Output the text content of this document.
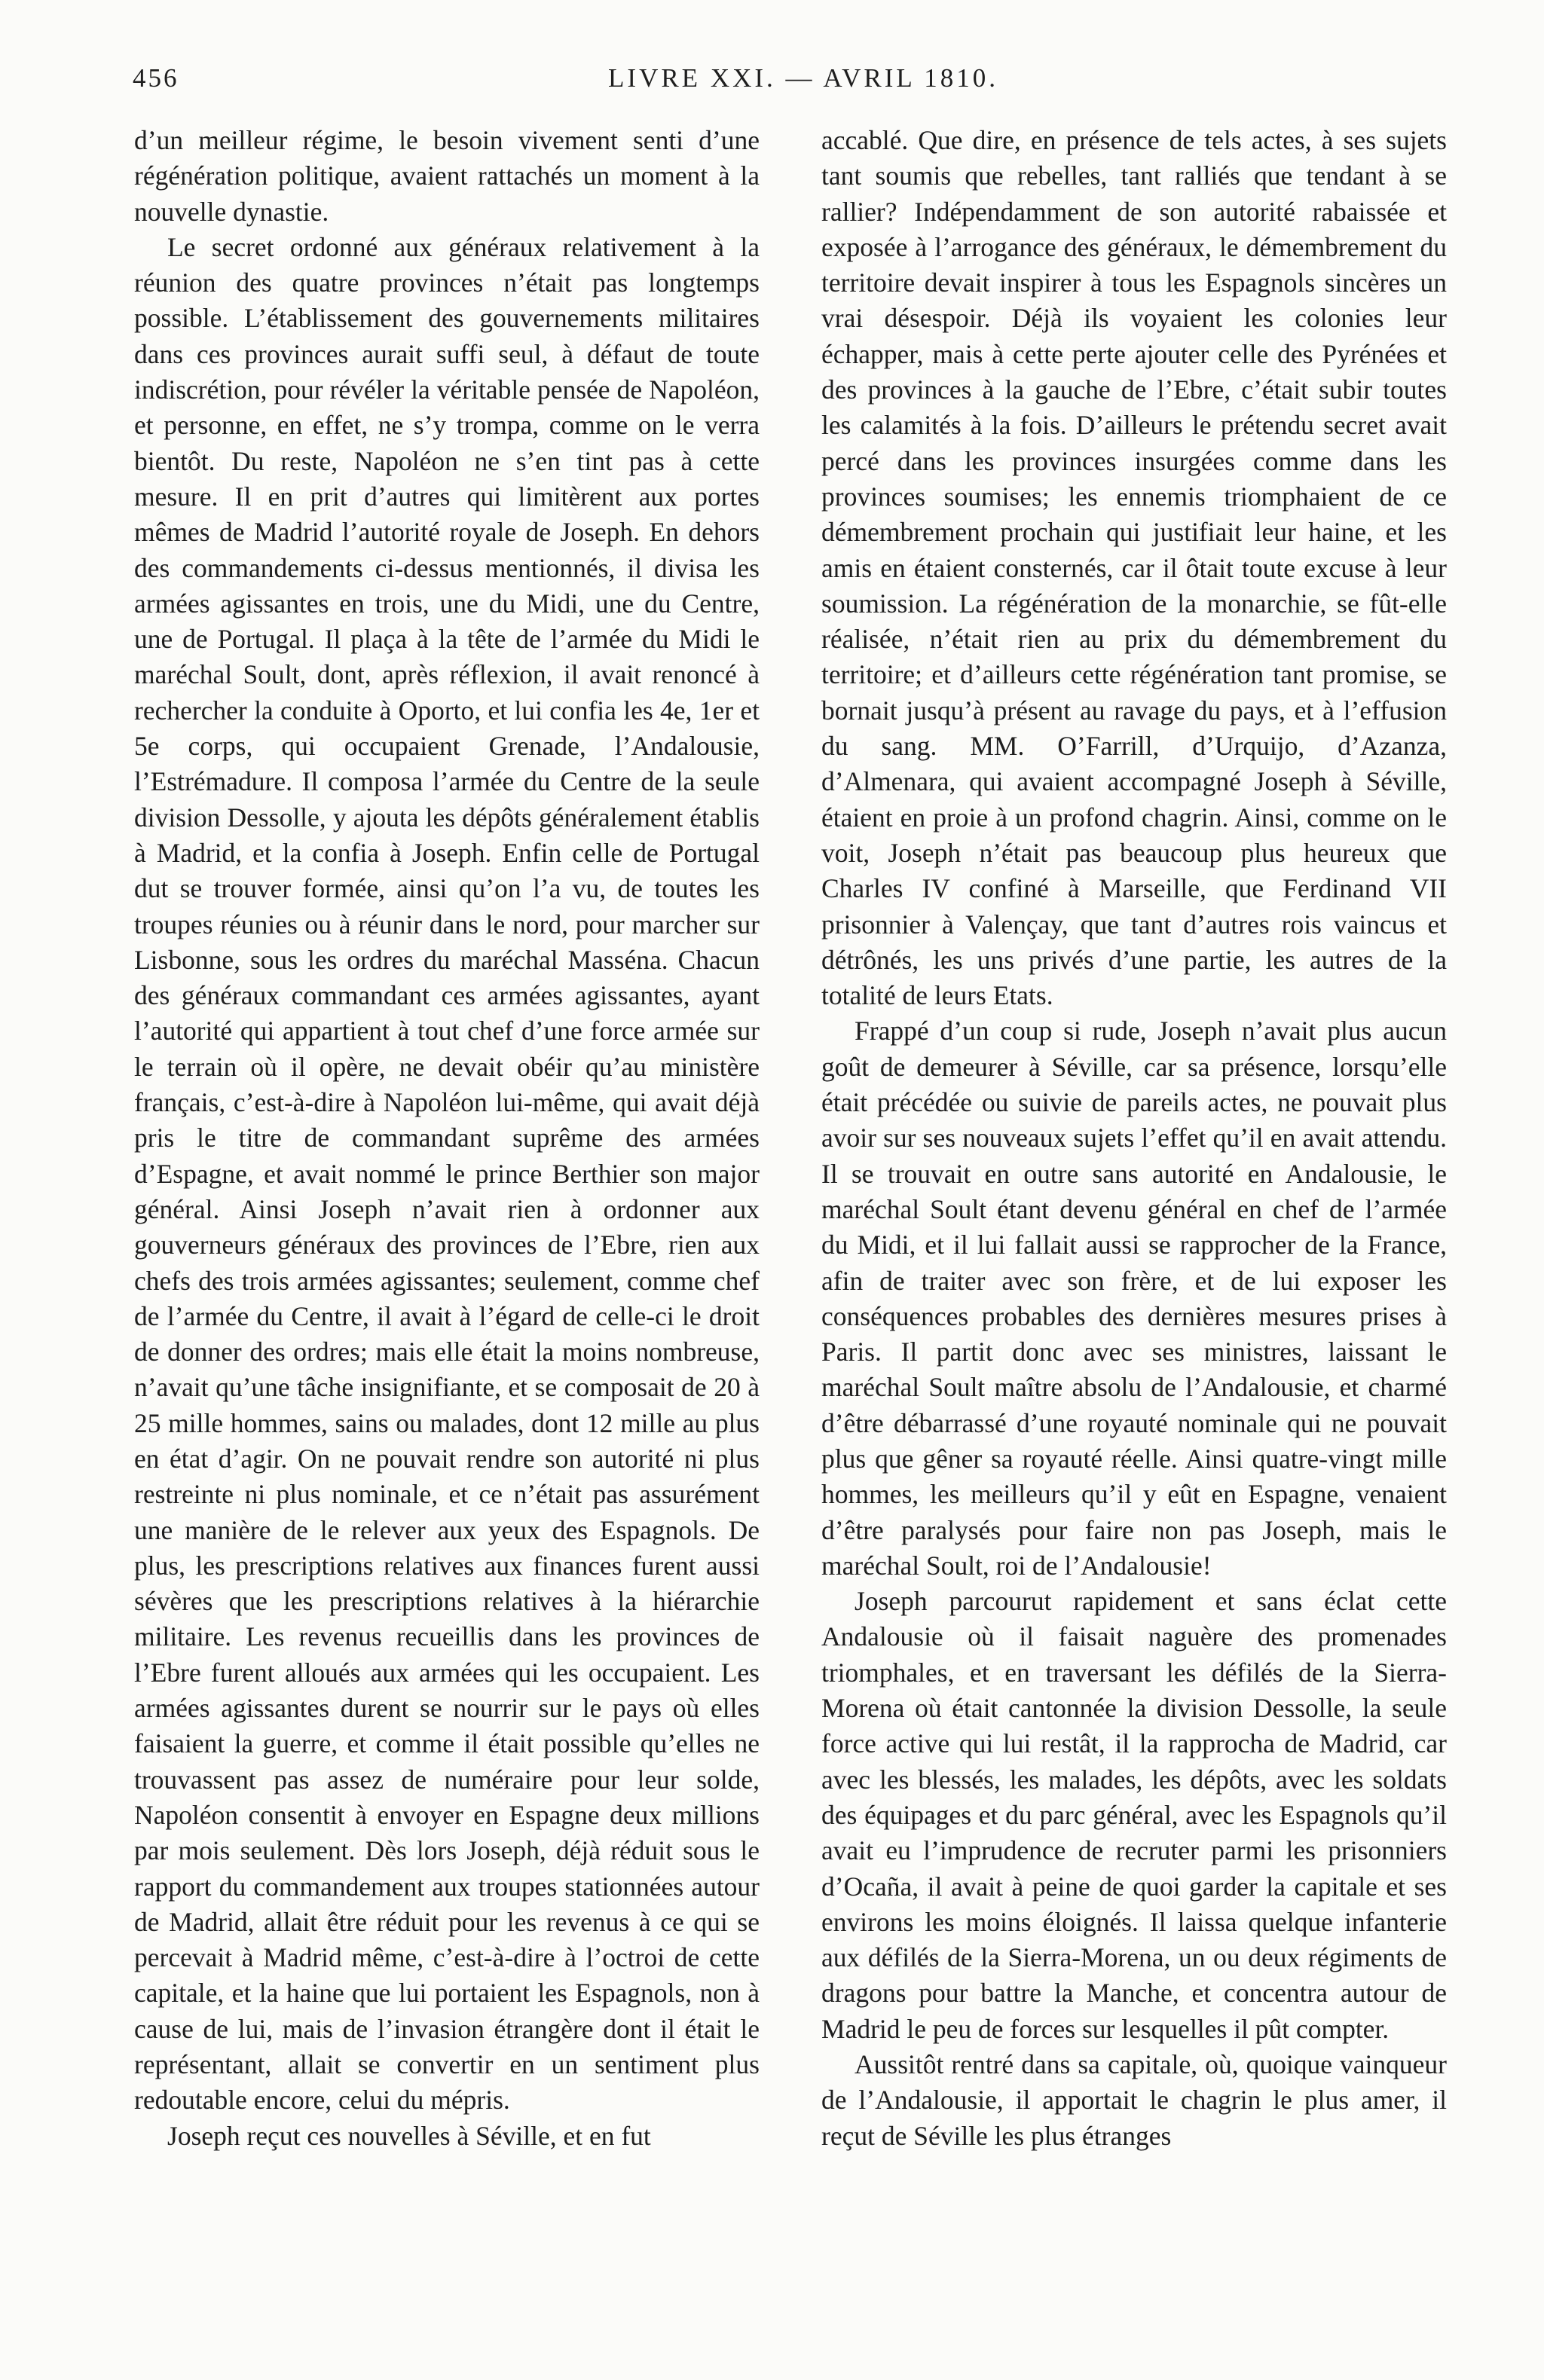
456	LIVRE XXI. — AVRIL 1810.

d’un meilleur régime, le besoin vivement senti d’une régénération politique, avaient rattachés un moment à la nouvelle dynastie.

Le secret ordonné aux généraux relativement à la réunion des quatre provinces n’était pas longtemps possible. L’établissement des gouvernements militaires dans ces provinces aurait suffi seul, à défaut de toute indiscrétion, pour révéler la véritable pensée de Napoléon, et personne, en effet, ne s’y trompa, comme on le verra bientôt. Du reste, Napoléon ne s’en tint pas à cette mesure. Il en prit d’autres qui limitèrent aux portes mêmes de Madrid l’autorité royale de Joseph. En dehors des commandements ci-dessus mentionnés, il divisa les armées agissantes en trois, une du Midi, une du Centre, une de Portugal. Il plaça à la tête de l’armée du Midi le maréchal Soult, dont, après réflexion, il avait renoncé à rechercher la conduite à Oporto, et lui confia les 4e, 1er et 5e corps, qui occupaient Grenade, l’Andalousie, l’Estrémadure. Il composa l’armée du Centre de la seule division Dessolle, y ajouta les dépôts généralement établis à Madrid, et la confia à Joseph. Enfin celle de Portugal dut se trouver formée, ainsi qu’on l’a vu, de toutes les troupes réunies ou à réunir dans le nord, pour marcher sur Lisbonne, sous les ordres du maréchal Masséna. Chacun des généraux commandant ces armées agissantes, ayant l’autorité qui appartient à tout chef d’une force armée sur le terrain où il opère, ne devait obéir qu’au ministère français, c’est-à-dire à Napoléon lui-même, qui avait déjà pris le titre de commandant suprême des armées d’Espagne, et avait nommé le prince Berthier son major général. Ainsi Joseph n’avait rien à ordonner aux gouverneurs généraux des provinces de l’Ebre, rien aux chefs des trois armées agissantes; seulement, comme chef de l’armée du Centre, il avait à l’égard de celle-ci le droit de donner des ordres; mais elle était la moins nombreuse, n’avait qu’une tâche insignifiante, et se composait de 20 à 25 mille hommes, sains ou malades, dont 12 mille au plus en état d’agir. On ne pouvait rendre son autorité ni plus restreinte ni plus nominale, et ce n’était pas assurément une manière de le relever aux yeux des Espagnols. De plus, les prescriptions relatives aux finances furent aussi sévères que les prescriptions relatives à la hiérarchie militaire. Les revenus recueillis dans les provinces de l’Ebre furent alloués aux armées qui les occupaient. Les armées agissantes durent se nourrir sur le pays où elles faisaient la guerre, et comme il était possible qu’elles ne trouvassent pas assez de numéraire pour leur solde, Napoléon consentit à envoyer en Espagne deux millions par mois seulement. Dès lors Joseph, déjà réduit sous le rapport du commandement aux troupes stationnées autour de Madrid, allait être réduit pour les revenus à ce qui se percevait à Madrid même, c’est-à-dire à l’octroi de cette capitale, et la haine que lui portaient les Espagnols, non à cause de lui, mais de l’invasion étrangère dont il était le représentant, allait se convertir en un sentiment plus redoutable encore, celui du mépris.

Joseph reçut ces nouvelles à Séville, et en fut

accablé. Que dire, en présence de tels actes, à ses sujets tant soumis que rebelles, tant ralliés que tendant à se rallier? Indépendamment de son autorité rabaissée et exposée à l’arrogance des généraux, le démembrement du territoire devait inspirer à tous les Espagnols sincères un vrai désespoir. Déjà ils voyaient les colonies leur échapper, mais à cette perte ajouter celle des Pyrénées et des provinces à la gauche de l’Ebre, c’était subir toutes les calamités à la fois. D’ailleurs le prétendu secret avait percé dans les provinces insurgées comme dans les provinces soumises; les ennemis triomphaient de ce démembrement prochain qui justifiait leur haine, et les amis en étaient consternés, car il ôtait toute excuse à leur soumission. La régénération de la monarchie, se fût-elle réalisée, n’était rien au prix du démembrement du territoire; et d’ailleurs cette régénération tant promise, se bornait jusqu’à présent au ravage du pays, et à l’effusion du sang. MM. O’Farrill, d’Urquijo, d’Azanza, d’Almenara, qui avaient accompagné Joseph à Séville, étaient en proie à un profond chagrin. Ainsi, comme on le voit, Joseph n’était pas beaucoup plus heureux que Charles IV confiné à Marseille, que Ferdinand VII prisonnier à Valençay, que tant d’autres rois vaincus et détrônés, les uns privés d’une partie, les autres de la totalité de leurs Etats.

Frappé d’un coup si rude, Joseph n’avait plus aucun goût de demeurer à Séville, car sa présence, lorsqu’elle était précédée ou suivie de pareils actes, ne pouvait plus avoir sur ses nouveaux sujets l’effet qu’il en avait attendu. Il se trouvait en outre sans autorité en Andalousie, le maréchal Soult étant devenu général en chef de l’armée du Midi, et il lui fallait aussi se rapprocher de la France, afin de traiter avec son frère, et de lui exposer les conséquences probables des dernières mesures prises à Paris. Il partit donc avec ses ministres, laissant le maréchal Soult maître absolu de l’Andalousie, et charmé d’être débarrassé d’une royauté nominale qui ne pouvait plus que gêner sa royauté réelle. Ainsi quatre-vingt mille hommes, les meilleurs qu’il y eût en Espagne, venaient d’être paralysés pour faire non pas Joseph, mais le maréchal Soult, roi de l’Andalousie!

Joseph parcourut rapidement et sans éclat cette Andalousie où il faisait naguère des promenades triomphales, et en traversant les défilés de la Sierra-Morena où était cantonnée la division Dessolle, la seule force active qui lui restât, il la rapprocha de Madrid, car avec les blessés, les malades, les dépôts, avec les soldats des équipages et du parc général, avec les Espagnols qu’il avait eu l’imprudence de recruter parmi les prisonniers d’Ocaña, il avait à peine de quoi garder la capitale et ses environs les moins éloignés. Il laissa quelque infanterie aux défilés de la Sierra-Morena, un ou deux régiments de dragons pour battre la Manche, et concentra autour de Madrid le peu de forces sur lesquelles il pût compter.

Aussitôt rentré dans sa capitale, où, quoique vainqueur de l’Andalousie, il apportait le chagrin le plus amer, il reçut de Séville les plus étranges
